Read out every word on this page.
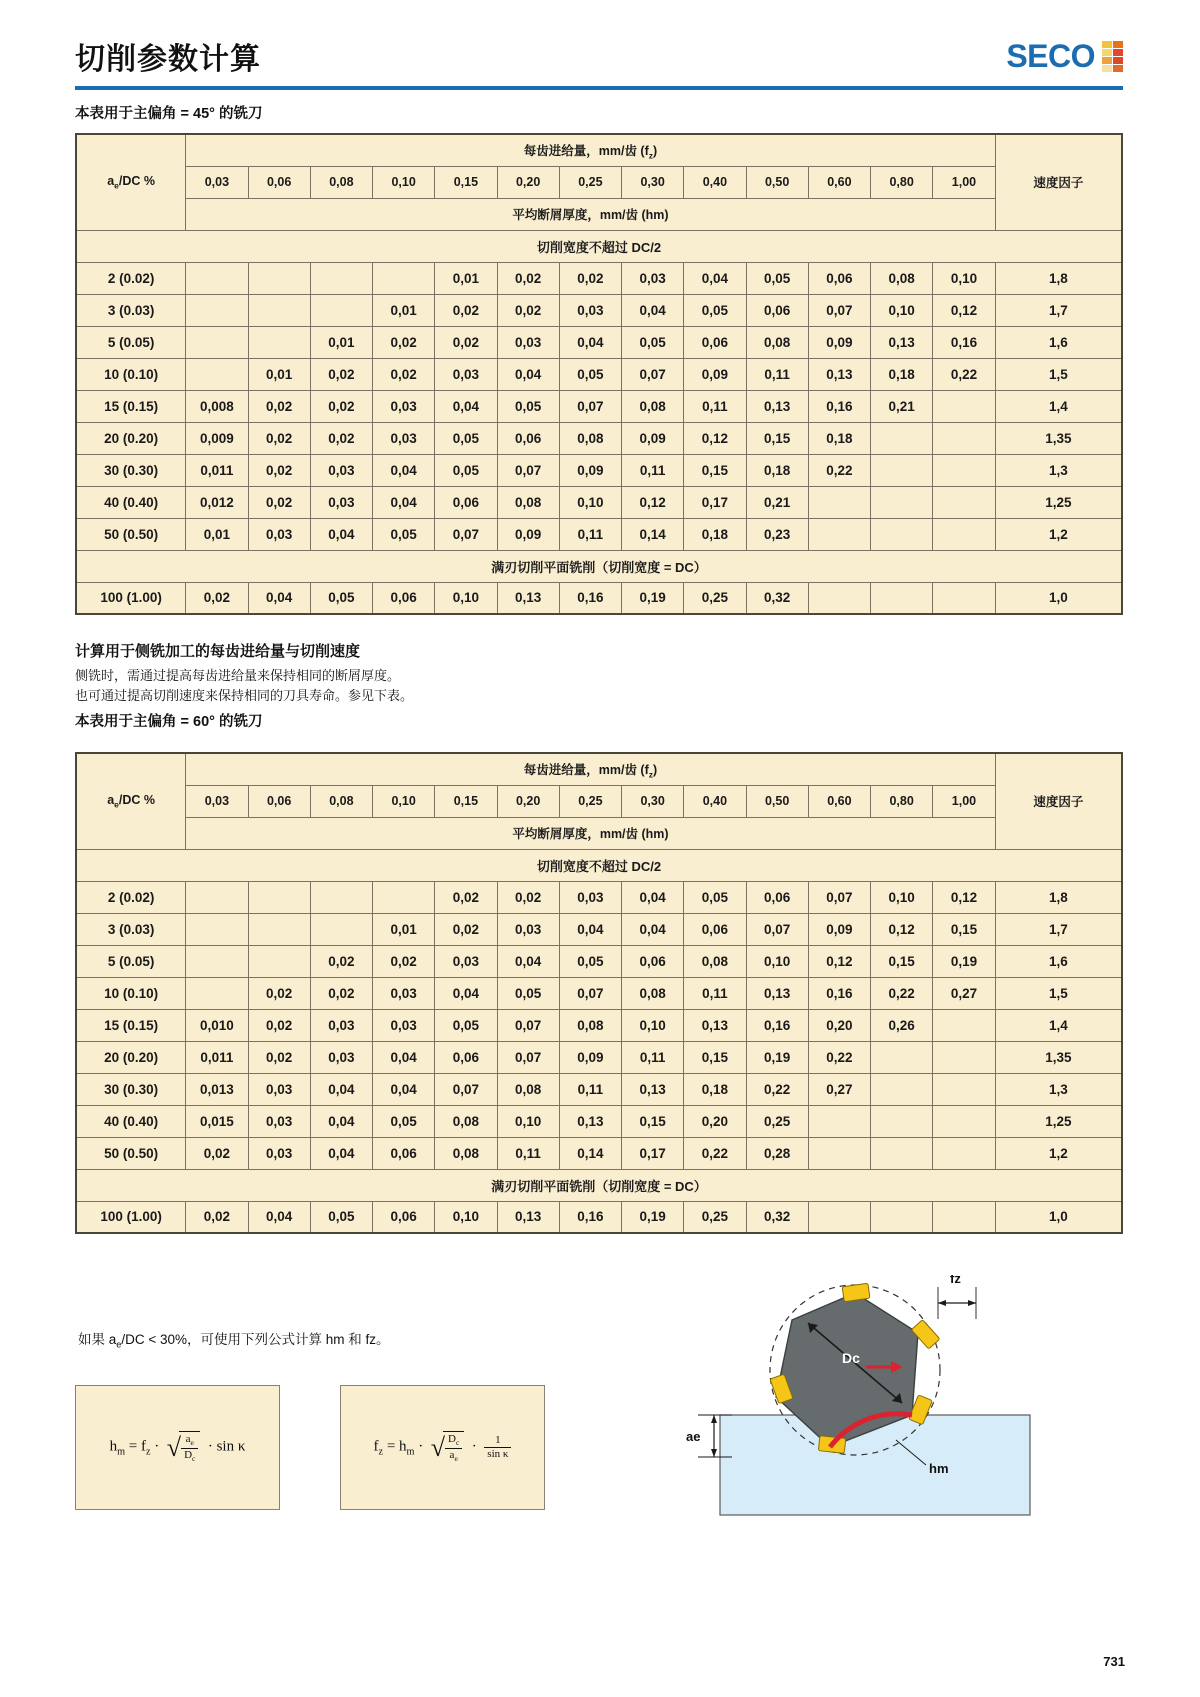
切削参数计算	SECO
本表用于主偏角 = 45° 的铣刀
$a_e/DC$ %	每齿进给量，mm/齿 $(f_z)$													速度因子
	0,03	0,06	0,08	0,10	0,15	0,20	0,25	0,30	0,40	0,50	0,60	0,80	1,00	
	平均断屑厚度，mm/齿 (hm)													
切削宽度不超过 DC/2														
2 (0.02)					0,01	0,02	0,02	0,03	0,04	0,05	0,06	0,08	0,10	1,8
3 (0.03)				0,01	0,02	0,02	0,03	0,04	0,05	0,06	0,07	0,10	0,12	1,7
5 (0.05)			0,01	0,02	0,02	0,03	0,04	0,05	0,06	0,08	0,09	0,13	0,16	1,6
10 (0.10)		0,01	0,02	0,02	0,03	0,04	0,05	0,07	0,09	0,11	0,13	0,18	0,22	1,5
15 (0.15)	0,008	0,02	0,02	0,03	0,04	0,05	0,07	0,08	0,11	0,13	0,16	0,21		1,4
20 (0.20)	0,009	0,02	0,02	0,03	0,05	0,06	0,08	0,09	0,12	0,15	0,18			1,35
30 (0.30)	0,011	0,02	0,03	0,04	0,05	0,07	0,09	0,11	0,15	0,18	0,22			1,3
40 (0.40)	0,012	0,02	0,03	0,04	0,06	0,08	0,10	0,12	0,17	0,21				1,25
50 (0.50)	0,01	0,03	0,04	0,05	0,07	0,09	0,11	0,14	0,18	0,23				1,2
满刃切削平面铣削（切削宽度 = DC）														
100 (1.00)	0,02	0,04	0,05	0,06	0,10	0,13	0,16	0,19	0,25	0,32				1,0
计算用于侧铣加工的每齿进给量与切削速度
侧铣时，需通过提高每齿进给量来保持相同的断屑厚度。
也可通过提高切削速度来保持相同的刀具寿命。参见下表。
本表用于主偏角 = 60° 的铣刀
$a_e/DC$ %	每齿进给量，mm/齿 $(f_z)$													速度因子
	0,03	0,06	0,08	0,10	0,15	0,20	0,25	0,30	0,40	0,50	0,60	0,80	1,00	
	平均断屑厚度，mm/齿 (hm)													
切削宽度不超过 DC/2														
2 (0.02)					0,02	0,02	0,03	0,04	0,05	0,06	0,07	0,10	0,12	1,8
3 (0.03)				0,01	0,02	0,03	0,04	0,04	0,06	0,07	0,09	0,12	0,15	1,7
5 (0.05)			0,02	0,02	0,03	0,04	0,05	0,06	0,08	0,10	0,12	0,15	0,19	1,6
10 (0.10)		0,02	0,02	0,03	0,04	0,05	0,07	0,08	0,11	0,13	0,16	0,22	0,27	1,5
15 (0.15)	0,010	0,02	0,03	0,03	0,05	0,07	0,08	0,10	0,13	0,16	0,20	0,26		1,4
20 (0.20)	0,011	0,02	0,03	0,04	0,06	0,07	0,09	0,11	0,15	0,19	0,22			1,35
30 (0.30)	0,013	0,03	0,04	0,04	0,07	0,08	0,11	0,13	0,18	0,22	0,27			1,3
40 (0.40)	0,015	0,03	0,04	0,05	0,08	0,10	0,13	0,15	0,20	0,25				1,25
50 (0.50)	0,02	0,03	0,04	0,06	0,08	0,11	0,14	0,17	0,22	0,28				1,2
满刃切削平面铣削（切削宽度 = DC）														
100 (1.00)	0,02	0,04	0,05	0,06	0,10	0,13	0,16	0,19	0,25	0,32				1,0
如果 $a_e/DC < 30\%$，可使用下列公式计算 hm 和 fz。
$h_m = f_z$ · √ $\frac{a_e}{D_c} \cdot \sin \kappa$	$f_z = h_m$ · √ $\frac{D_c}{a_e} \cdot \frac{1}{\text{sin κ}}$
fz
Dc
ae
hm
731
